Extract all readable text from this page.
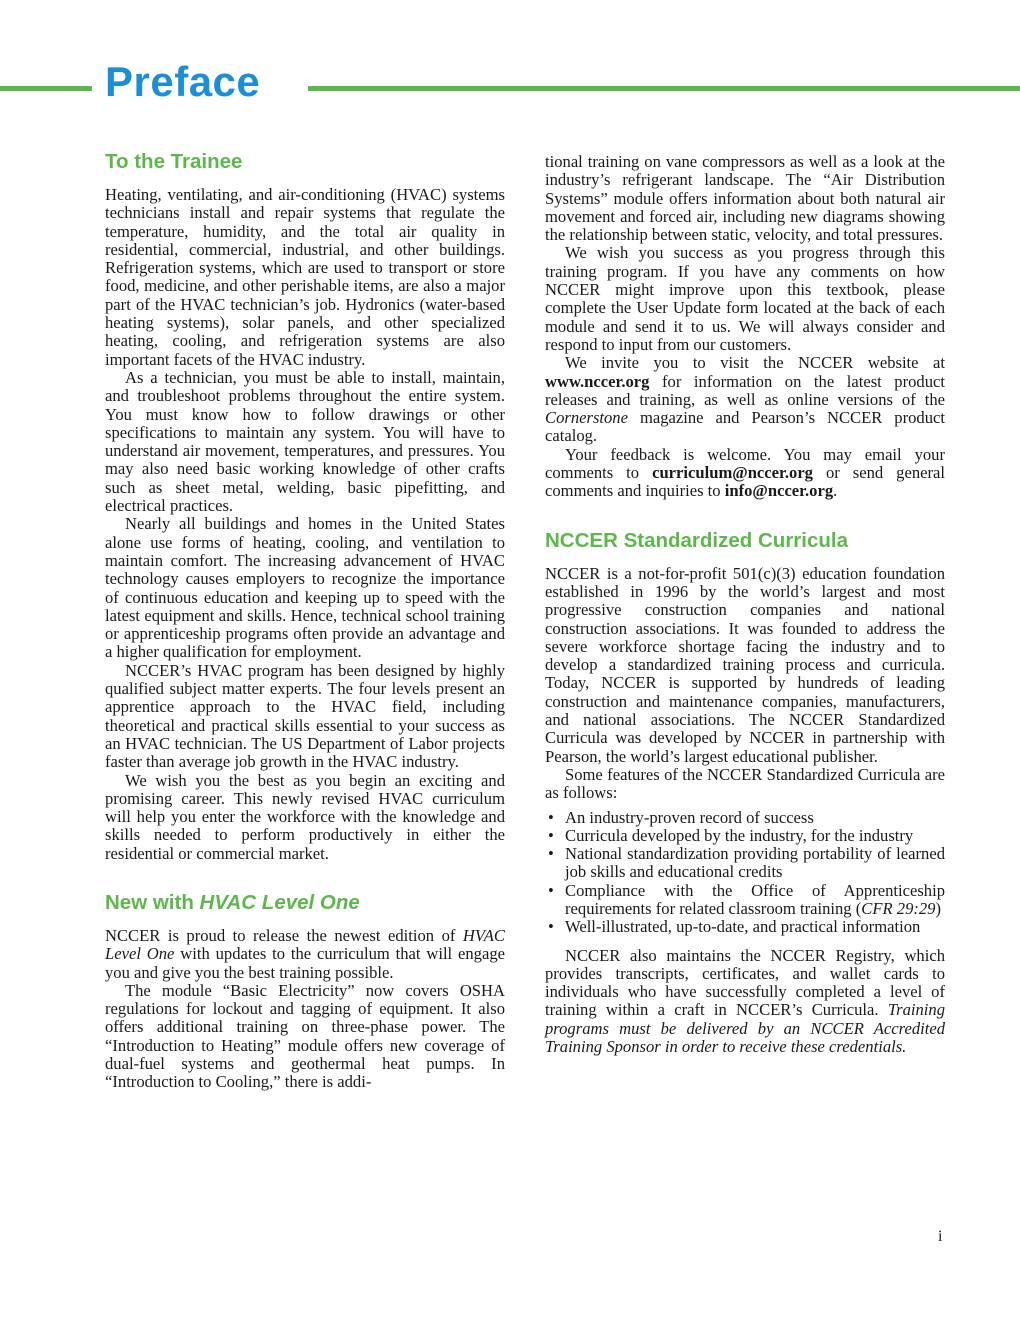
Preface
To the Trainee

Heating, ventilating, and air-conditioning (HVAC) systems technicians install and repair systems that regulate the temperature, humidity, and the total air quality in residential, commercial, industrial, and other buildings. Refrigeration systems, which are used to transport or store food, medicine, and other perishable items, are also a major part of the HVAC technician’s job. Hydronics (water-based heating systems), solar panels, and other specialized heating, cooling, and refrigeration systems are also important facets of the HVAC industry.

As a technician, you must be able to install, maintain, and troubleshoot problems throughout the entire system. You must know how to follow drawings or other specifications to maintain any system. You will have to understand air movement, temperatures, and pressures. You may also need basic working knowledge of other crafts such as sheet metal, welding, basic pipefitting, and electrical practices.

Nearly all buildings and homes in the United States alone use forms of heating, cooling, and ventilation to maintain comfort. The increasing advancement of HVAC technology causes employers to recognize the importance of continuous education and keeping up to speed with the latest equipment and skills. Hence, technical school training or apprenticeship programs often provide an advantage and a higher qualification for employment.

NCCER’s HVAC program has been designed by highly qualified subject matter experts. The four levels present an apprentice approach to the HVAC field, including theoretical and practical skills essential to your success as an HVAC technician. The US Department of Labor projects faster than average job growth in the HVAC industry.

We wish you the best as you begin an exciting and promising career. This newly revised HVAC curriculum will help you enter the workforce with the knowledge and skills needed to perform productively in either the residential or commercial market.

New with HVAC Level One

NCCER is proud to release the newest edition of HVAC Level One with updates to the curriculum that will engage you and give you the best training possible.

The module “Basic Electricity” now covers OSHA regulations for lockout and tagging of equipment. It also offers additional training on three-phase power. The “Introduction to Heating” module offers new coverage of dual-fuel systems and geothermal heat pumps. In “Introduction to Cooling,” there is addi-

tional training on vane compressors as well as a look at the industry’s refrigerant landscape. The “Air Distribution Systems” module offers information about both natural air movement and forced air, including new diagrams showing the relationship between static, velocity, and total pressures.

We wish you success as you progress through this training program. If you have any comments on how NCCER might improve upon this textbook, please complete the User Update form located at the back of each module and send it to us. We will always consider and respond to input from our customers.

We invite you to visit the NCCER website at www.nccer.org for information on the latest product releases and training, as well as online versions of the Cornerstone magazine and Pearson’s NCCER product catalog.

Your feedback is welcome. You may email your comments to curriculum@nccer.org or send general comments and inquiries to info@nccer.org.

NCCER Standardized Curricula

NCCER is a not-for-profit 501(c)(3) education foundation established in 1996 by the world’s largest and most progressive construction companies and national construction associations. It was founded to address the severe workforce shortage facing the industry and to develop a standardized training process and curricula. Today, NCCER is supported by hundreds of leading construction and maintenance companies, manufacturers, and national associations. The NCCER Standardized Curricula was developed by NCCER in partnership with Pearson, the world’s largest educational publisher.

Some features of the NCCER Standardized Curricula are as follows:

• An industry-proven record of success
• Curricula developed by the industry, for the industry
• National standardization providing portability of learned job skills and educational credits
• Compliance with the Office of Apprenticeship requirements for related classroom training (CFR 29:29)
• Well-illustrated, up-to-date, and practical information

NCCER also maintains the NCCER Registry, which provides transcripts, certificates, and wallet cards to individuals who have successfully completed a level of training within a craft in NCCER’s Curricula. Training programs must be delivered by an NCCER Accredited Training Sponsor in order to receive these credentials.

i
